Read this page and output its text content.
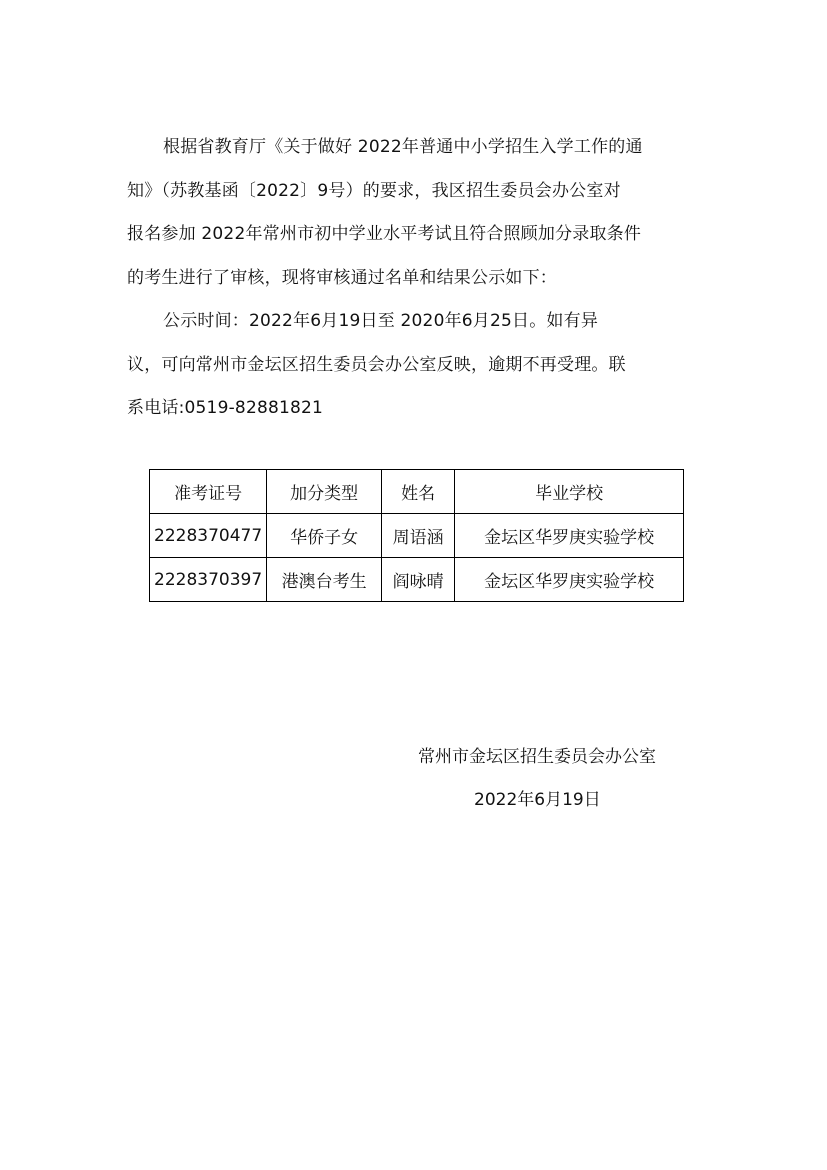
根据省教育厅《关于做好 2022年普通中小学招生入学工作的通
知》（苏教基函〔2022〕9号）的要求，我区招生委员会办公室对
报名参加 2022年常州市初中学业水平考试且符合照顾加分录取条件
的考生进行了审核，现将审核通过名单和结果公示如下：
公示时间：2022年6月19日至 2020年6月25日。如有异
议，可向常州市金坛区招生委员会办公室反映，逾期不再受理。联
系电话:0519-82881821
准考证号	加分类型	姓名	毕业学校
2228370477	华侨子女	周语涵	金坛区华罗庚实验学校
2228370397	港澳台考生	阎咏晴	金坛区华罗庚实验学校
常州市金坛区招生委员会办公室
2022年6月19日
